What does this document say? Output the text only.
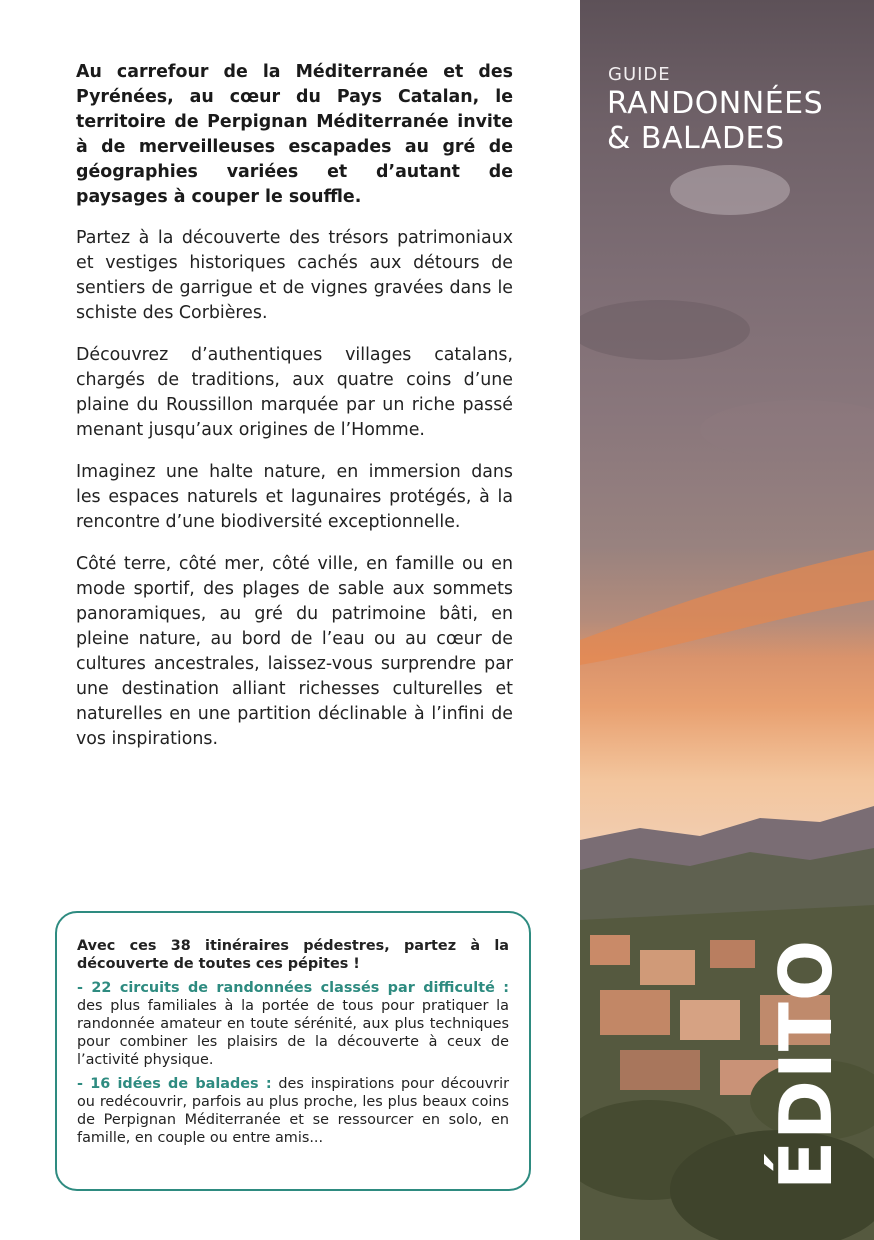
Au carrefour de la Méditerranée et des Pyrénées, au cœur du Pays Catalan, le territoire de Perpignan Méditerranée invite à de merveilleuses escapades au gré de géographies variées et d’autant de paysages à couper le souffle.

Partez à la découverte des trésors patrimoniaux et vestiges historiques cachés aux détours de sentiers de garrigue et de vignes gravées dans le schiste des Corbières.

Découvrez d’authentiques villages catalans, chargés de traditions, aux quatre coins d’une plaine du Roussillon marquée par un riche passé menant jusqu’aux origines de l’Homme.

Imaginez une halte nature, en immersion dans les espaces naturels et lagunaires protégés, à la rencontre d’une biodiversité exceptionnelle.

Côté terre, côté mer, côté ville, en famille ou en mode sportif, des plages de sable aux sommets panoramiques, au gré du patrimoine bâti, en pleine nature, au bord de l’eau ou au cœur de cultures ancestrales, laissez-vous surprendre par une destination alliant richesses culturelles et naturelles en une partition déclinable à l’infini de vos inspirations.

Avec ces 38 itinéraires pédestres, partez à la découverte de toutes ces pépites !

- 22 circuits de randonnées classés par difficulté : des plus familiales à la portée de tous pour pratiquer la randonnée amateur en toute sérénité, aux plus techniques pour combiner les plaisirs de la découverte à ceux de l’activité physique.

- 16 idées de balades : des inspirations pour découvrir ou redécouvrir, parfois au plus proche, les plus beaux coins de Perpignan Méditerranée et se ressourcer en solo, en famille, en couple ou entre amis...

GUIDE
RANDONNÉES
& BALADES
ÉDITO
